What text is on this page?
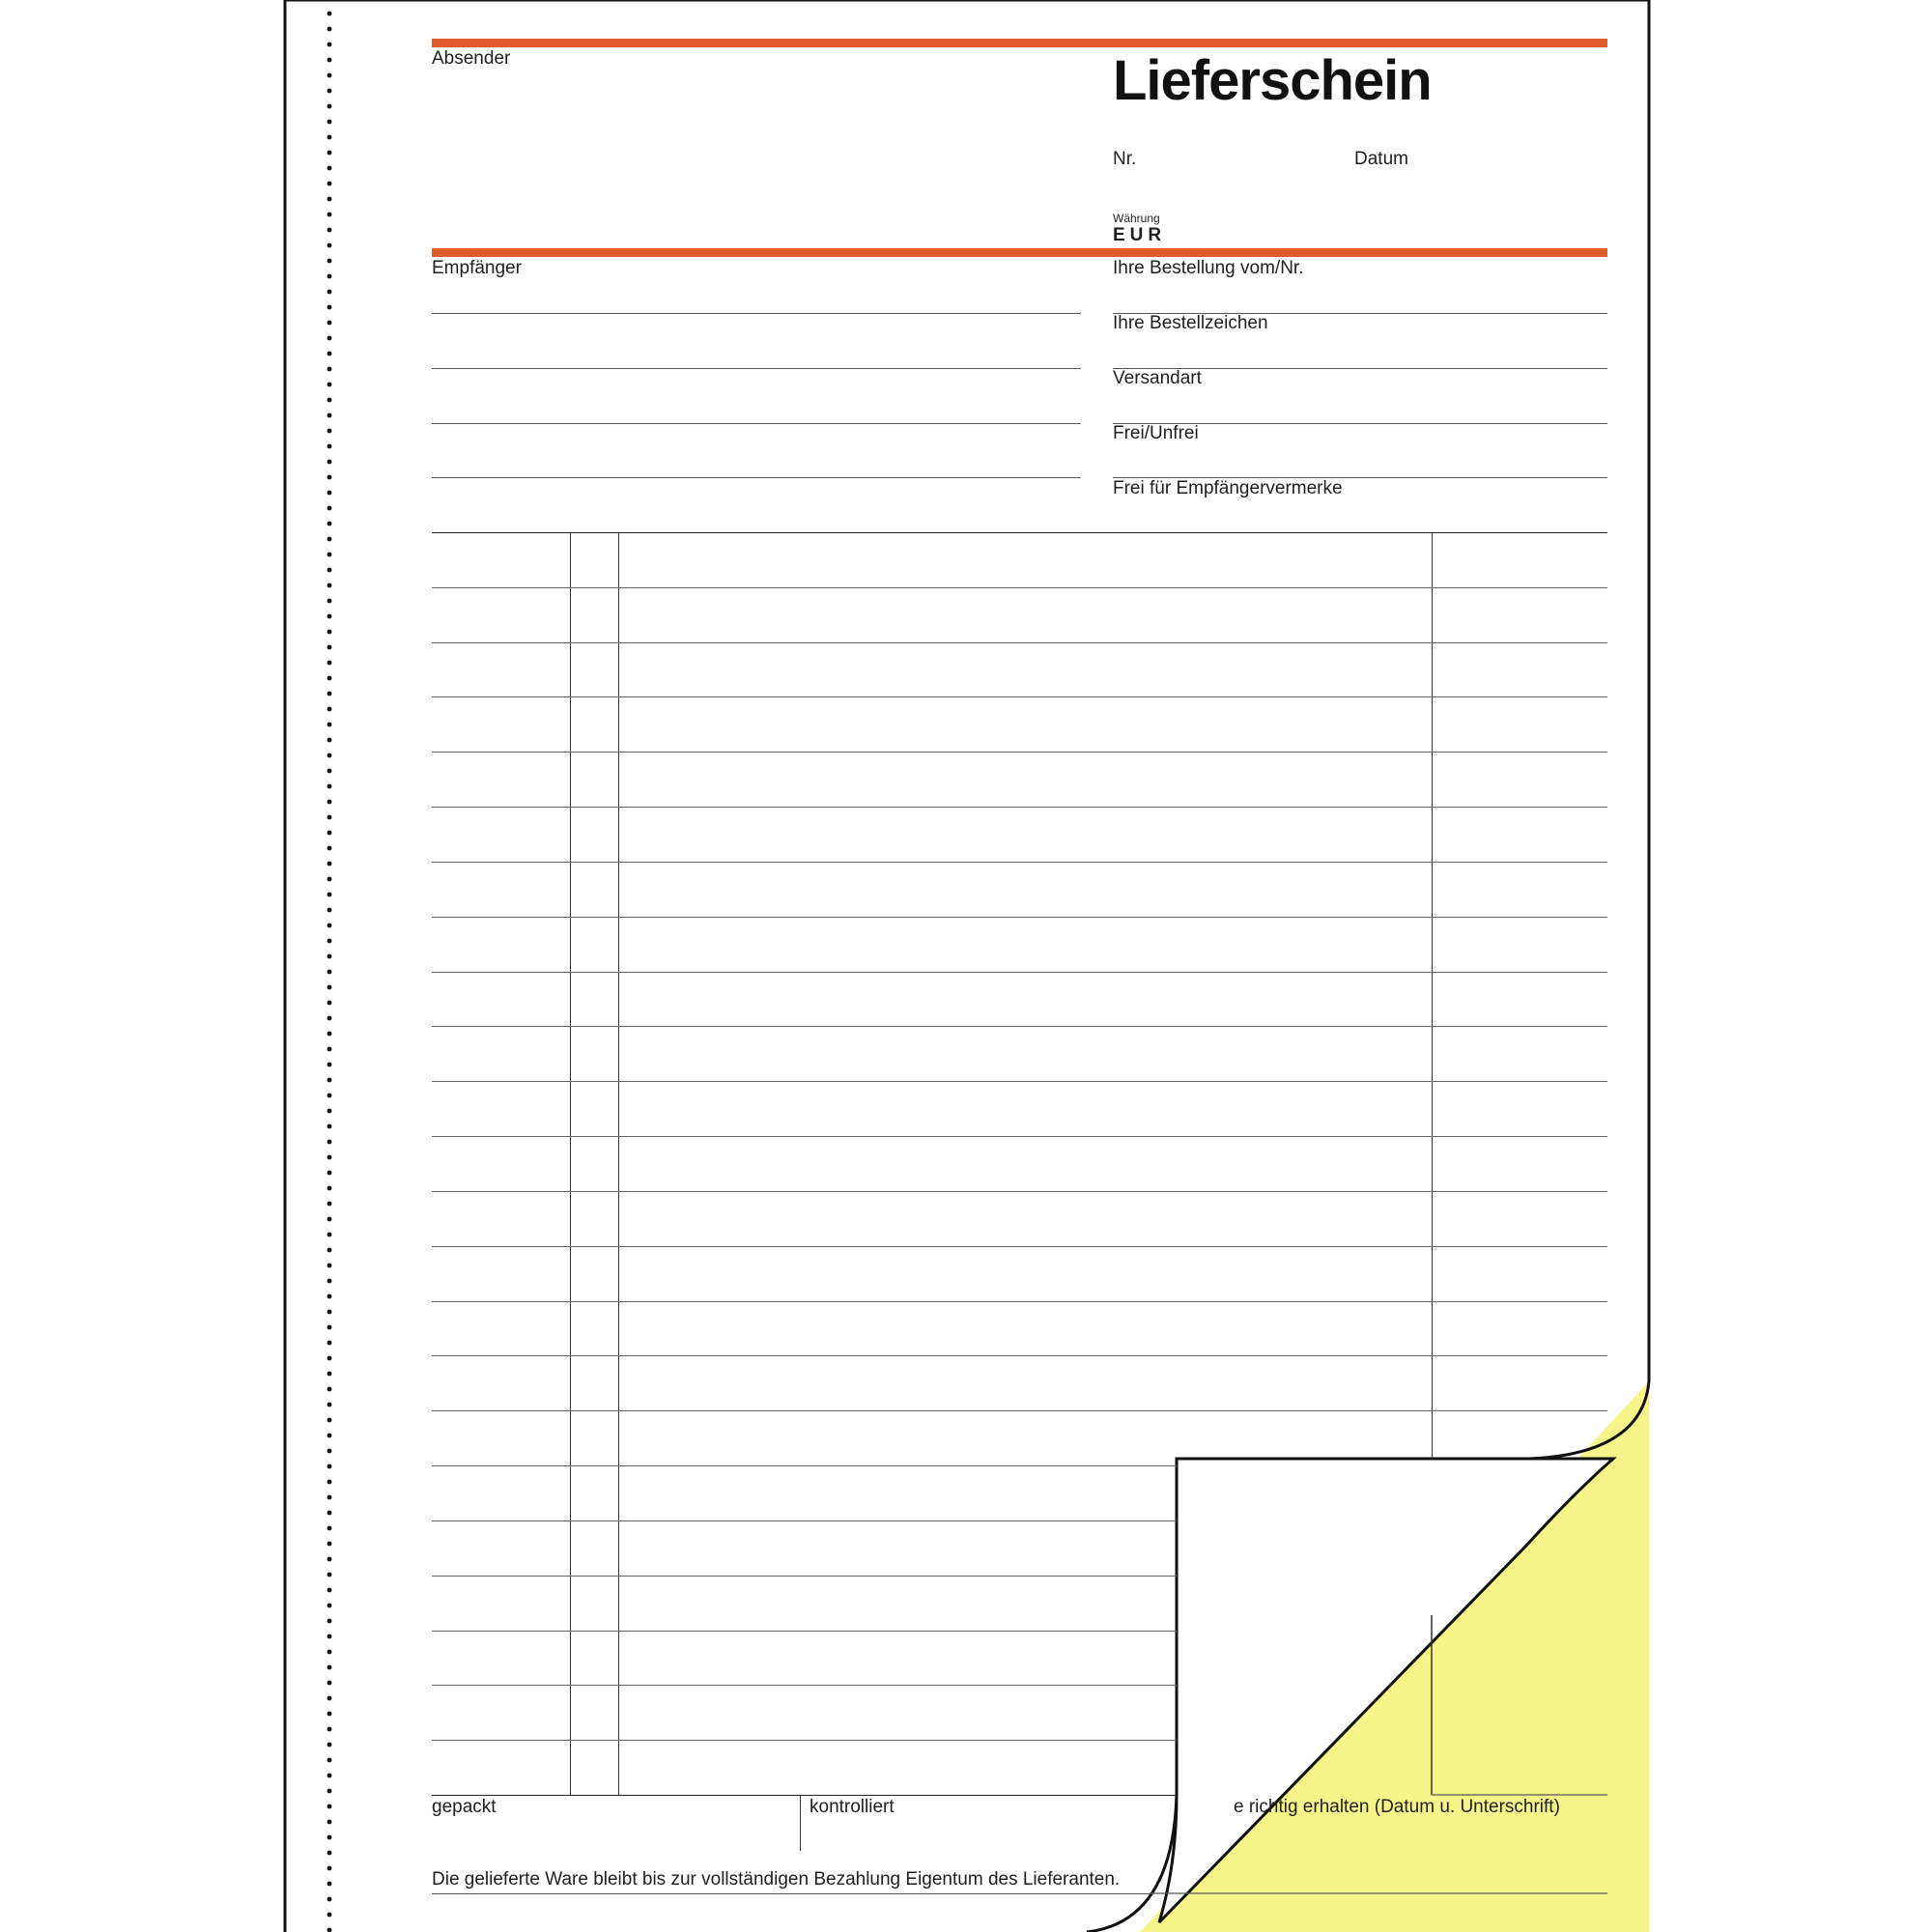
Absender	Lieferschein
Nr.	Datum
Währung
EUR
Empfänger	Ihre Bestellung vom/Nr.
Ihre Bestellzeichen
Versandart
Frei/Unfrei
Frei für Empfängervermerke
gepackt	kontrolliert	e richtig erhalten (Datum u. Unterschrift)
Die gelieferte Ware bleibt bis zur vollständigen Bezahlung Eigentum des Lieferanten.
